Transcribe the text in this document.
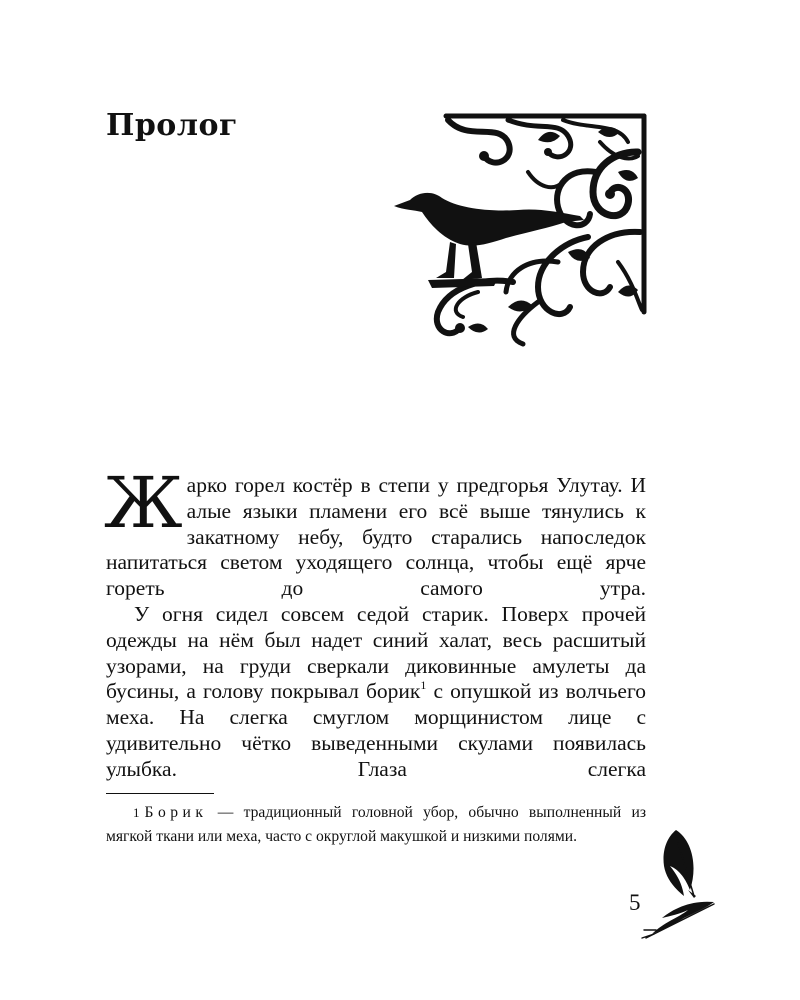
Пролог

Жарко горел костёр в степи у предгорья Улутау. И алые языки пламени его всё выше тянулись к закатному небу, будто старались напоследок напитаться светом уходящего солнца, чтобы ещё ярче гореть до самого утра.

У огня сидел совсем седой старик. Поверх прочей одежды на нём был надет синий халат, весь расшитый узорами, на груди сверкали диковинные амулеты да бусины, а голову покрывал борик$^1$ с опушкой из волчьего меха. На слегка смуглом морщинистом лице с удивительно чётко выведенными скулами появилась улыбка. Глаза слегка

1 Борик — традиционный головной убор, обычно выполненный из мягкой ткани или меха, часто с округлой макушкой и низкими полями.

5
